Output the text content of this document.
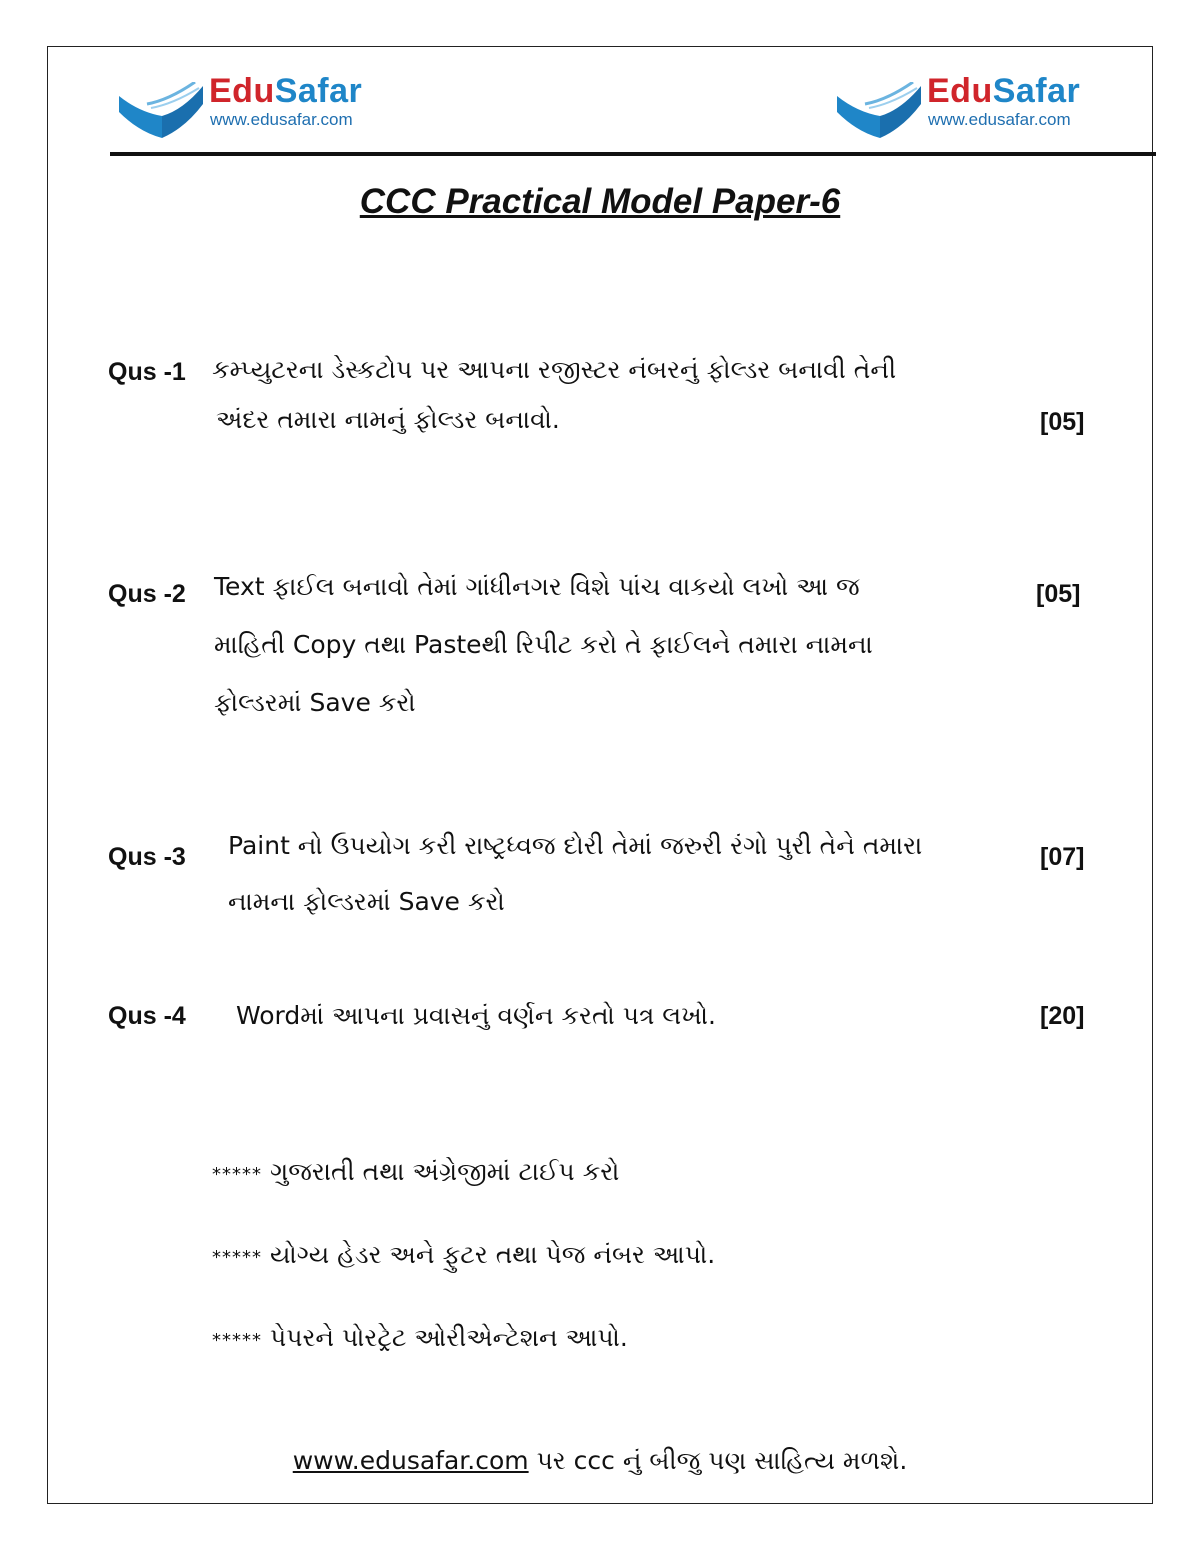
EduSafar
www.edusafar.com
EduSafar
www.edusafar.com
CCC Practical Model Paper-6
Qus -1 કમ્પ્યુટરના ડેસ્કટોપ પર આપના રજીસ્ટર નંબરનું ફોલ્ડર બનાવી તેની
અંદર તમારા નામનું ફોલ્ડર બનાવો.	[05]
Qus -2 Text ફાઈલ બનાવો તેમાં ગાંધીનગર વિશે પાંચ વાકયો લખો આ જ
માહિતી Copy તથા Pasteથી રિપીટ કરો તે ફાઈલને તમારા નામના
ફોલ્ડરમાં Save કરો
[05]
Qus -3 Paint નો ઉપયોગ કરી રાષ્ટ્રધ્વજ દોરી તેમાં જરુરી રંગો પુરી તેને તમારા
નામના ફોલ્ડરમાં Save કરો
[07]
Qus -4 Wordમાં આપના પ્રવાસનું વર્ણન કરતો પત્ર લખો.	[20]
***** ગુજરાતી તથા અંગ્રેજીમાં ટાઈપ કરો
***** યોગ્ય હેડર અને ફુટર તથા પેજ નંબર આપો.
***** પેપરને પોરટ્રેટ ઓરીએન્ટેશન આપો.
www.edusafar.com પર ccc નું બીજુ પણ સાહિત્ય મળશે.
